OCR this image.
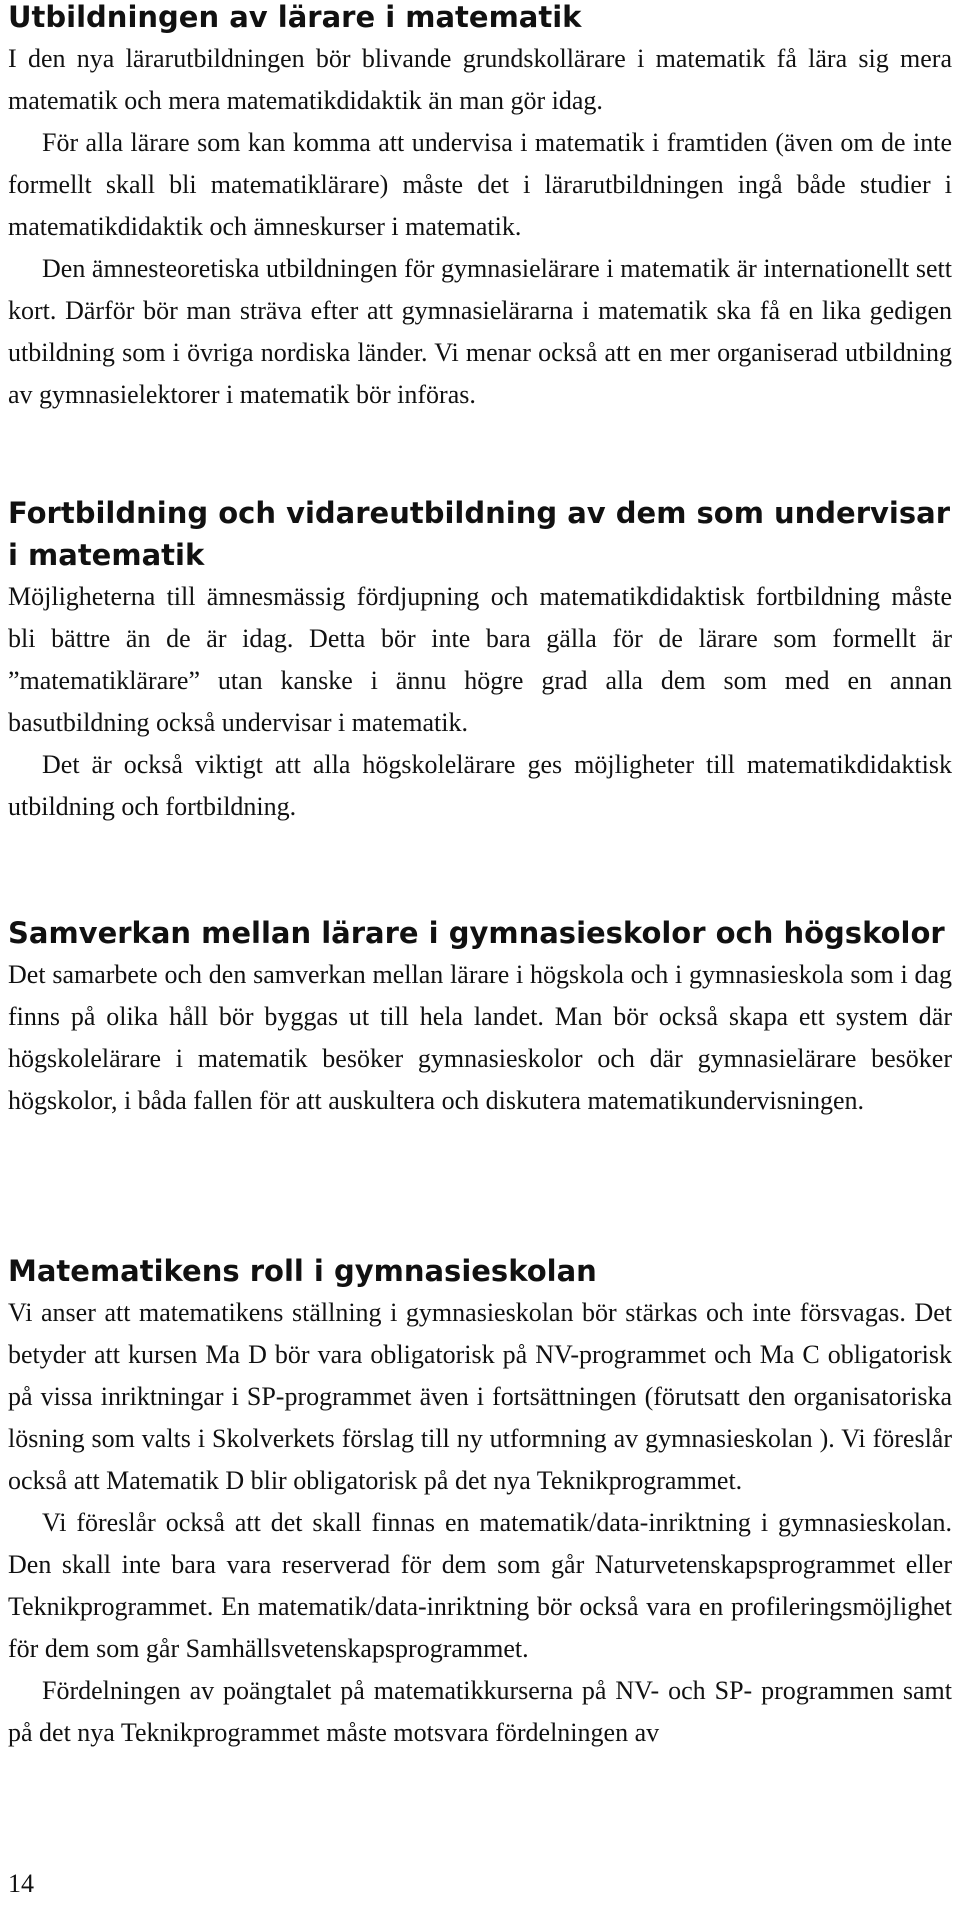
Utbildningen av lärare i matematik

I den nya lärarutbildningen bör blivande grundskollärare i matematik få lära sig mera matematik och mera matematikdidaktik än man gör idag.

För alla lärare som kan komma att undervisa i matematik i framtiden (även om de inte formellt skall bli matematiklärare) måste det i lärarutbildningen ingå både studier i matematikdidaktik och ämneskurser i matematik.

Den ämnesteoretiska utbildningen för gymnasielärare i matematik är internationellt sett kort. Därför bör man sträva efter att gymnasielärarna i matematik ska få en lika gedigen utbildning som i övriga nordiska länder. Vi menar också att en mer organiserad utbildning av gymnasielektorer i matematik bör införas.

Fortbildning och vidareutbildning av dem som undervisar i matematik

Möjligheterna till ämnesmässig fördjupning och matematikdidaktisk fortbildning måste bli bättre än de är idag. Detta bör inte bara gälla för de lärare som formellt är ”matematiklärare” utan kanske i ännu högre grad alla dem som med en annan basutbildning också undervisar i matematik.

Det är också viktigt att alla högskolelärare ges möjligheter till matematikdidaktisk utbildning och fortbildning.

Samverkan mellan lärare i gymnasieskolor och högskolor

Det samarbete och den samverkan mellan lärare i högskola och i gymnasieskola som i dag finns på olika håll bör byggas ut till hela landet. Man bör också skapa ett system där högskolelärare i matematik besöker gymnasieskolor och där gymnasielärare besöker högskolor, i båda fallen för att auskultera och diskutera matematikundervisningen.

Matematikens roll i gymnasieskolan

Vi anser att matematikens ställning i gymnasieskolan bör stärkas och inte försvagas. Det betyder att kursen Ma D bör vara obligatorisk på NV-programmet och Ma C obligatorisk på vissa inriktningar i SP-programmet även i fortsättningen (förutsatt den organisatoriska lösning som valts i Skolverkets förslag till ny utformning av gymnasieskolan ). Vi föreslår också att Matematik D blir obligatorisk på det nya Teknikprogrammet.

Vi föreslår också att det skall finnas en matematik/data-inriktning i gymnasieskolan. Den skall inte bara vara reserverad för dem som går Naturvetenskapsprogrammet eller Teknikprogrammet. En matematik/data-inriktning bör också vara en profileringsmöjlighet för dem som går Samhällsvetenskapsprogrammet.

Fördelningen av poängtalet på matematikkurserna på NV- och SP- programmen samt på det nya Teknikprogrammet måste motsvara fördelningen av

14
